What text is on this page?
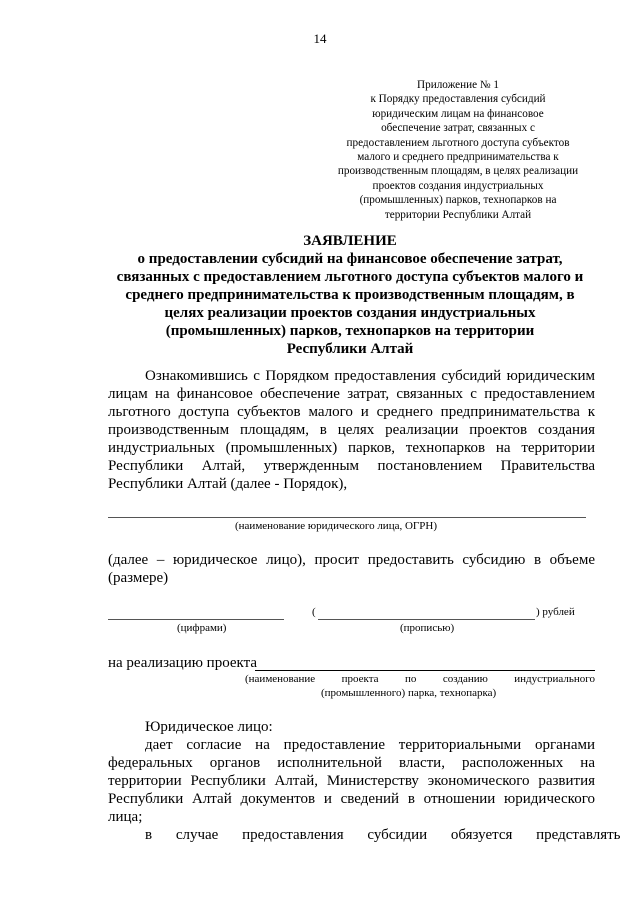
14
Приложение № 1
к Порядку предоставления субсидий
юридическим лицам на финансовое
обеспечение затрат, связанных с
предоставлением льготного доступа субъектов
малого и среднего предпринимательства к
производственным площадям, в целях реализации
проектов создания индустриальных
(промышленных) парков, технопарков на
территории Республики Алтай
ЗАЯВЛЕНИЕ
о предоставлении субсидий на финансовое обеспечение затрат,
связанных с предоставлением льготного доступа субъектов малого и
среднего предпринимательства к производственным площадям, в
целях реализации проектов создания индустриальных
(промышленных) парков, технопарков на территории
Республики Алтай
Ознакомившись с Порядком предоставления субсидий юридическим
лицам на финансовое обеспечение затрат, связанных с предоставлением
льготного доступа субъектов малого и среднего предпринимательства к
производственным площадям, в целях реализации проектов создания
индустриальных (промышленных) парков, технопарков на территории
Республики Алтай, утвержденным постановлением Правительства
Республики Алтай (далее - Порядок),
(наименование юридического лица, ОГРН)
(далее – юридическое лицо), просит предоставить субсидию в объеме
(размере)
(	) рублей
(цифрами)	(прописью)
на реализацию проекта
(наименование проекта по созданию индустриального
(промышленного) парка, технопарка)
Юридическое лицо:
дает согласие на предоставление территориальными органами
федеральных органов исполнительной власти, расположенных на
территории Республики Алтай, Министерству экономического развития
Республики Алтай документов и сведений в отношении юридического
лица;
в случае предоставления субсидии обязуется представлять
